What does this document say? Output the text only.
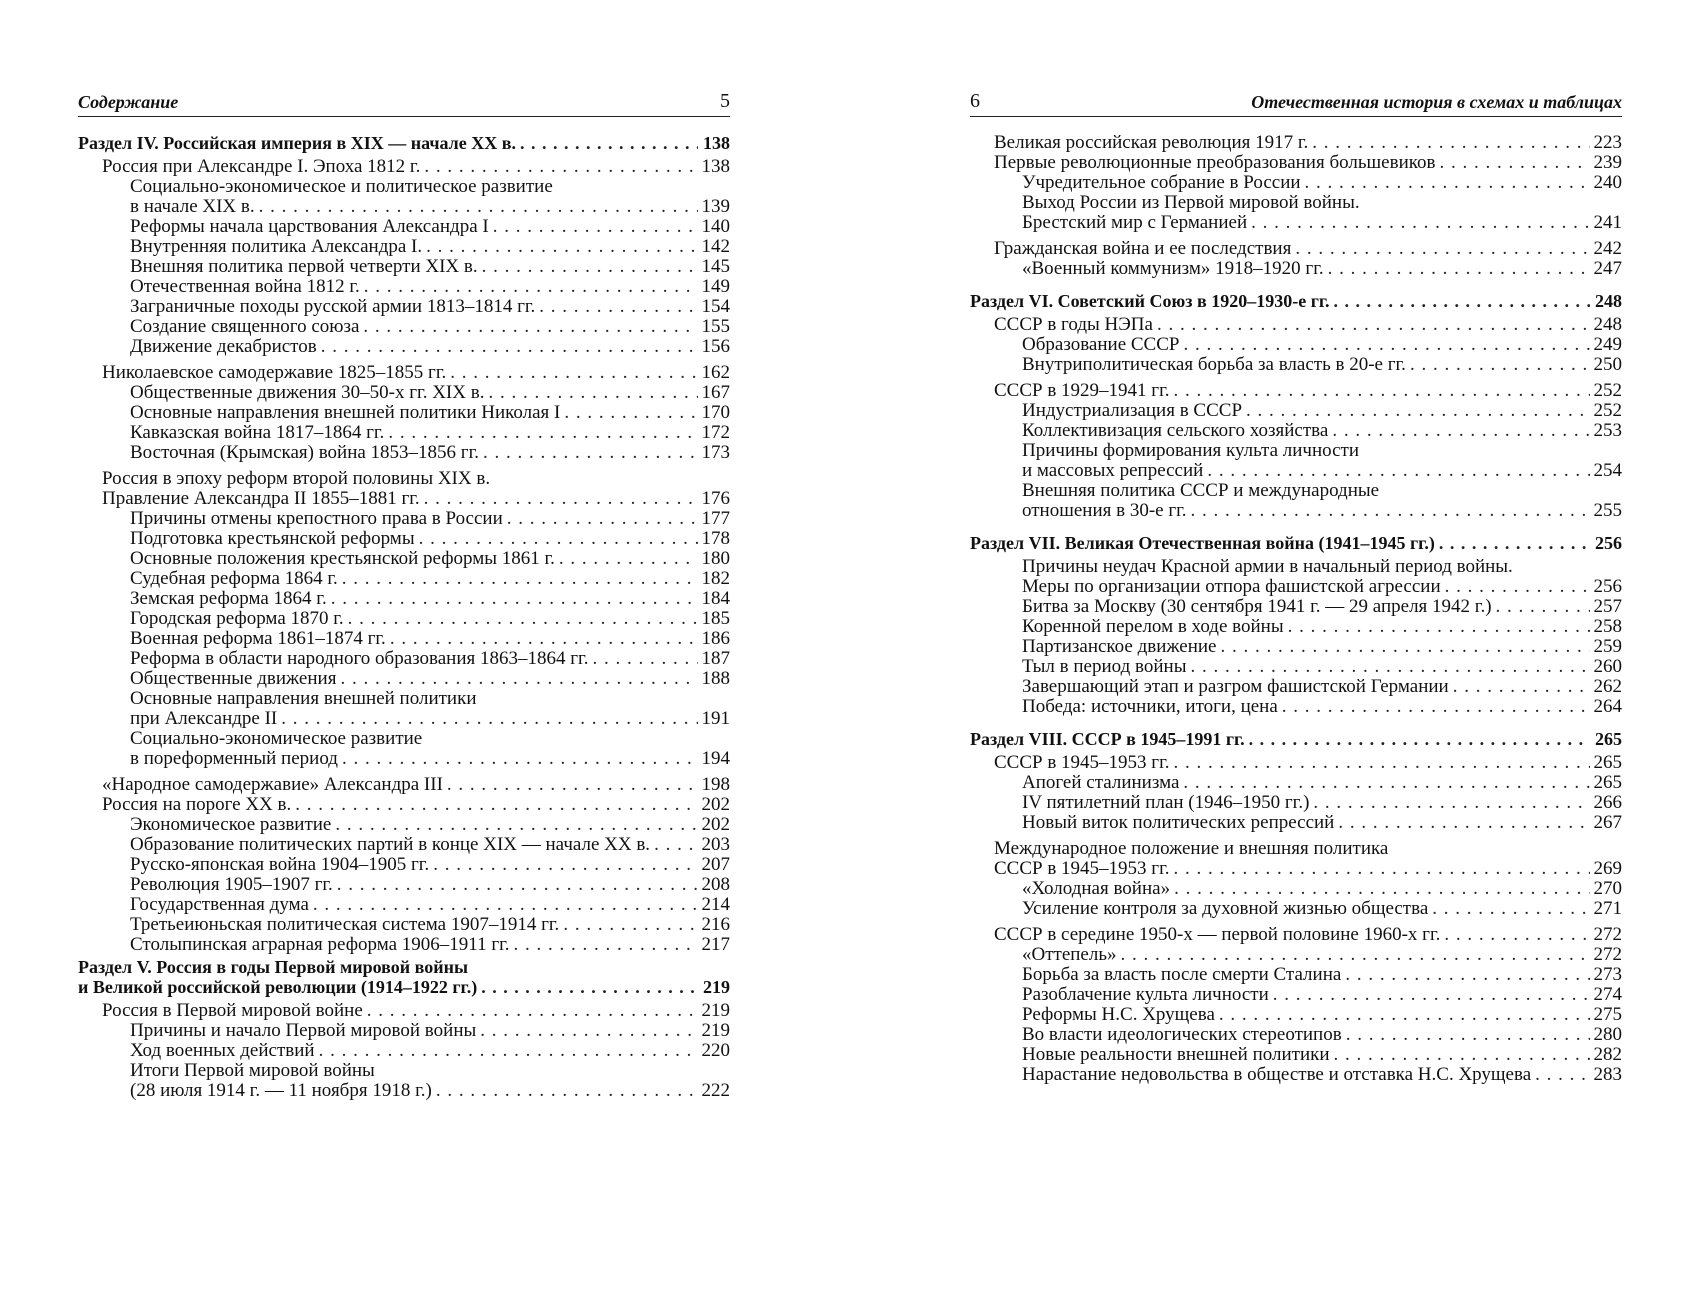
Содержание	5
Раздел IV. Российская империя в XIX — начале XX в. . . .	138
Россия при Александре I. Эпоха 1812 г. . . .	138
Социально-экономическое и политическое развитие
в начале XIX в. . . .	139
Реформы начала царствования Александра I . . .	140
Внутренняя политика Александра I. . . .	142
Внешняя политика первой четверти XIX в. . . .	145
Отечественная война 1812 г. . . .	149
Заграничные походы русской армии 1813–1814 гг. . . .	154
Создание священного союза . . .	155
Движение декабристов . . .	156
Николаевское самодержавие 1825–1855 гг. . . .	162
Общественные движения 30–50-х гг. XIX в. . . .	167
Основные направления внешней политики Николая I . . .	170
Кавказская война 1817–1864 гг. . . .	172
Восточная (Крымская) война 1853–1856 гг. . . .	173
Россия в эпоху реформ второй половины XIX в.
Правление Александра II 1855–1881 гг. . . .	176
Причины отмены крепостного права в России . . .	177
Подготовка крестьянской реформы . . .	178
Основные положения крестьянской реформы 1861 г. . . .	180
Судебная реформа 1864 г. . . .	182
Земская реформа 1864 г. . . .	184
Городская реформа 1870 г. . . .	185
Военная реформа 1861–1874 гг. . . .	186
Реформа в области народного образования 1863–1864 гг. . . .	187
Общественные движения . . .	188
Основные направления внешней политики
при Александре II . . .	191
Социально-экономическое развитие
в пореформенный период . . .	194
«Народное самодержавие» Александра III . . .	198
Россия на пороге XX в. . . .	202
Экономическое развитие . . .	202
Образование политических партий в конце XIX — начале XX в. . . .	203
Русско-японская война 1904–1905 гг. . . .	207
Революция 1905–1907 гг. . . .	208
Государственная дума . . .	214
Третьеиюньская политическая система 1907–1914 гг. . . .	216
Столыпинская аграрная реформа 1906–1911 гг. . . .	217
Раздел V. Россия в годы Первой мировой войны
и Великой российской революции (1914–1922 гг.) . . .	219
Россия в Первой мировой войне . . .	219
Причины и начало Первой мировой войны . . .	219
Ход военных действий . . .	220
Итоги Первой мировой войны
(28 июля 1914 г. — 11 ноября 1918 г.) . . .	222
6	Отечественная история в схемах и таблицах
Великая российская революция 1917 г. . . .	223
Первые революционные преобразования большевиков . . .	239
Учредительное собрание в России . . .	240
Выход России из Первой мировой войны.
Брестский мир с Германией . . .	241
Гражданская война и ее последствия . . .	242
«Военный коммунизм» 1918–1920 гг. . . .	247
Раздел VI. Советский Союз в 1920–1930-е гг. . . .	248
СССР в годы НЭПа . . .	248
Образование СССР . . .	249
Внутриполитическая борьба за власть в 20-е гг. . . .	250
СССР в 1929–1941 гг. . . .	252
Индустриализация в СССР . . .	252
Коллективизация сельского хозяйства . . .	253
Причины формирования культа личности
и массовых репрессий . . .	254
Внешняя политика СССР и международные
отношения в 30-е гг. . . .	255
Раздел VII. Великая Отечественная война (1941–1945 гг.) . . .	256
Причины неудач Красной армии в начальный период войны.
Меры по организации отпора фашистской агрессии . . .	256
Битва за Москву (30 сентября 1941 г. — 29 апреля 1942 г.) . . .	257
Коренной перелом в ходе войны . . .	258
Партизанское движение . . .	259
Тыл в период войны . . .	260
Завершающий этап и разгром фашистской Германии . . .	262
Победа: источники, итоги, цена . . .	264
Раздел VIII. СССР в 1945–1991 гг. . . .	265
СССР в 1945–1953 гг. . . .	265
Апогей сталинизма . . .	265
IV пятилетний план (1946–1950 гг.) . . .	266
Новый виток политических репрессий . . .	267
Международное положение и внешняя политика
СССР в 1945–1953 гг. . . .	269
«Холодная война» . . .	270
Усиление контроля за духовной жизнью общества . . .	271
СССР в середине 1950-х — первой половине 1960-х гг. . . .	272
«Оттепель» . . .	272
Борьба за власть после смерти Сталина . . .	273
Разоблачение культа личности . . .	274
Реформы Н.С. Хрущева . . .	275
Во власти идеологических стереотипов . . .	280
Новые реальности внешней политики . . .	282
Нарастание недовольства в обществе и отставка Н.С. Хрущева . . .	283
